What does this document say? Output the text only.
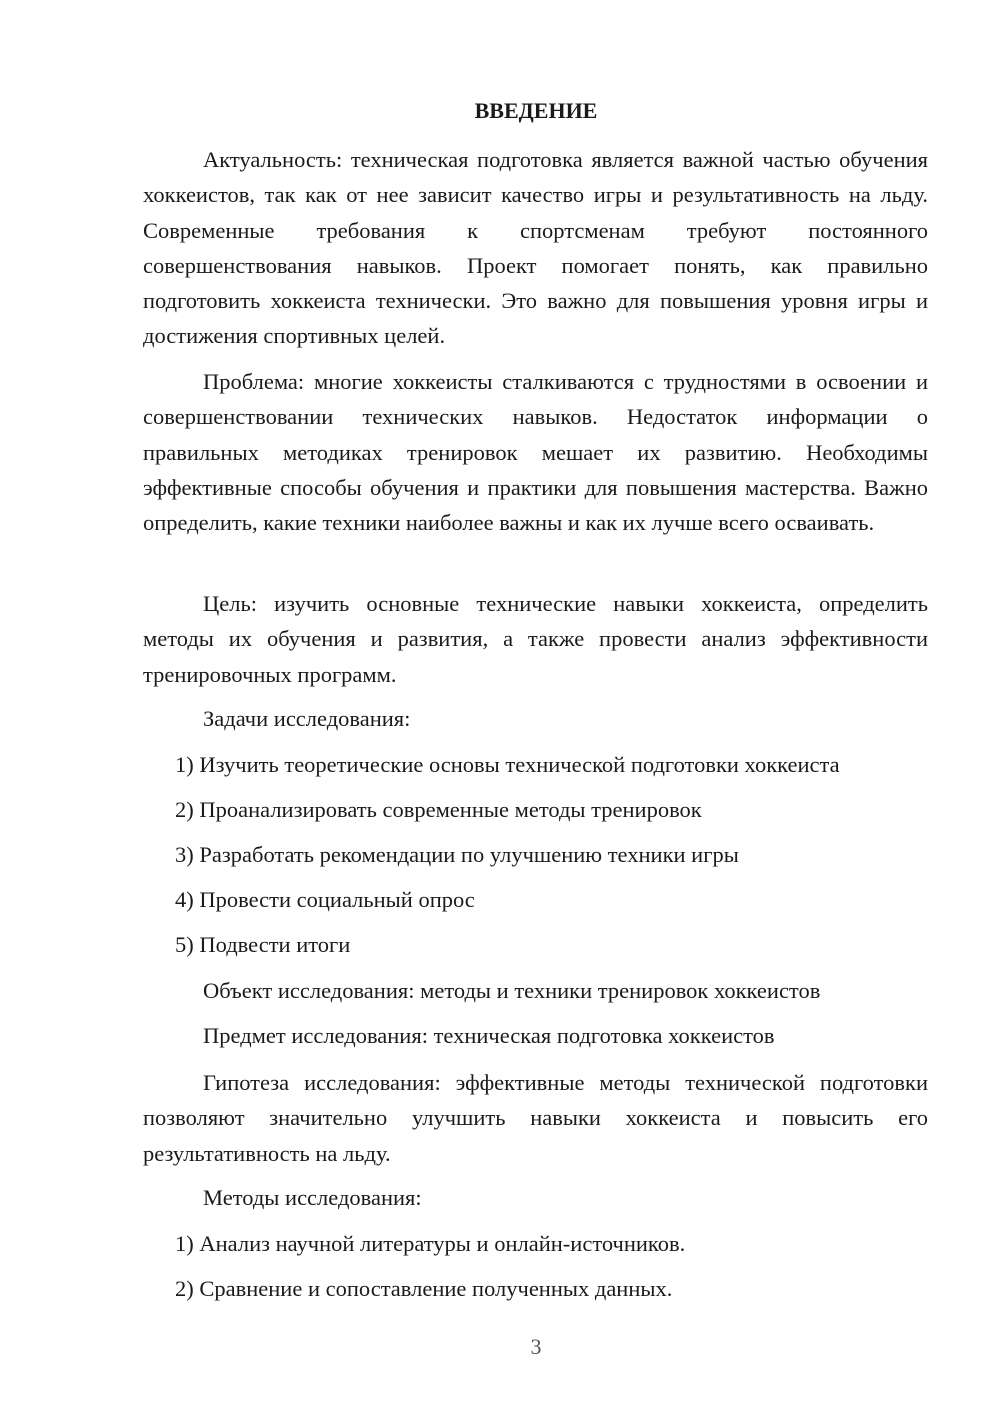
ВВЕДЕНИЕ

Актуальность: техническая подготовка является важной частью обучения хоккеистов, так как от нее зависит качество игры и результативность на льду. Современные требования к спортсменам требуют постоянного совершенствования навыков. Проект помогает понять, как правильно подготовить хоккеиста технически. Это важно для повышения уровня игры и достижения спортивных целей.

Проблема: многие хоккеисты сталкиваются с трудностями в освоении и совершенствовании технических навыков. Недостаток информации о правильных методиках тренировок мешает их развитию. Необходимы эффективные способы обучения и практики для повышения мастерства. Важно определить, какие техники наиболее важны и как их лучше всего осваивать.

Цель: изучить основные технические навыки хоккеиста, определить методы их обучения и развития, а также провести анализ эффективности тренировочных программ.

Задачи исследования:

1) Изучить теоретические основы технической подготовки хоккеиста

2) Проанализировать современные методы тренировок

3) Разработать рекомендации по улучшению техники игры

4) Провести социальный опрос

5) Подвести итоги

Объект исследования: методы и техники тренировок хоккеистов

Предмет исследования: техническая подготовка хоккеистов

Гипотеза исследования: эффективные методы технической подготовки позволяют значительно улучшить навыки хоккеиста и повысить его результативность на льду.

Методы исследования:

1) Анализ научной литературы и онлайн-источников.

2) Сравнение и сопоставление полученных данных.

3
